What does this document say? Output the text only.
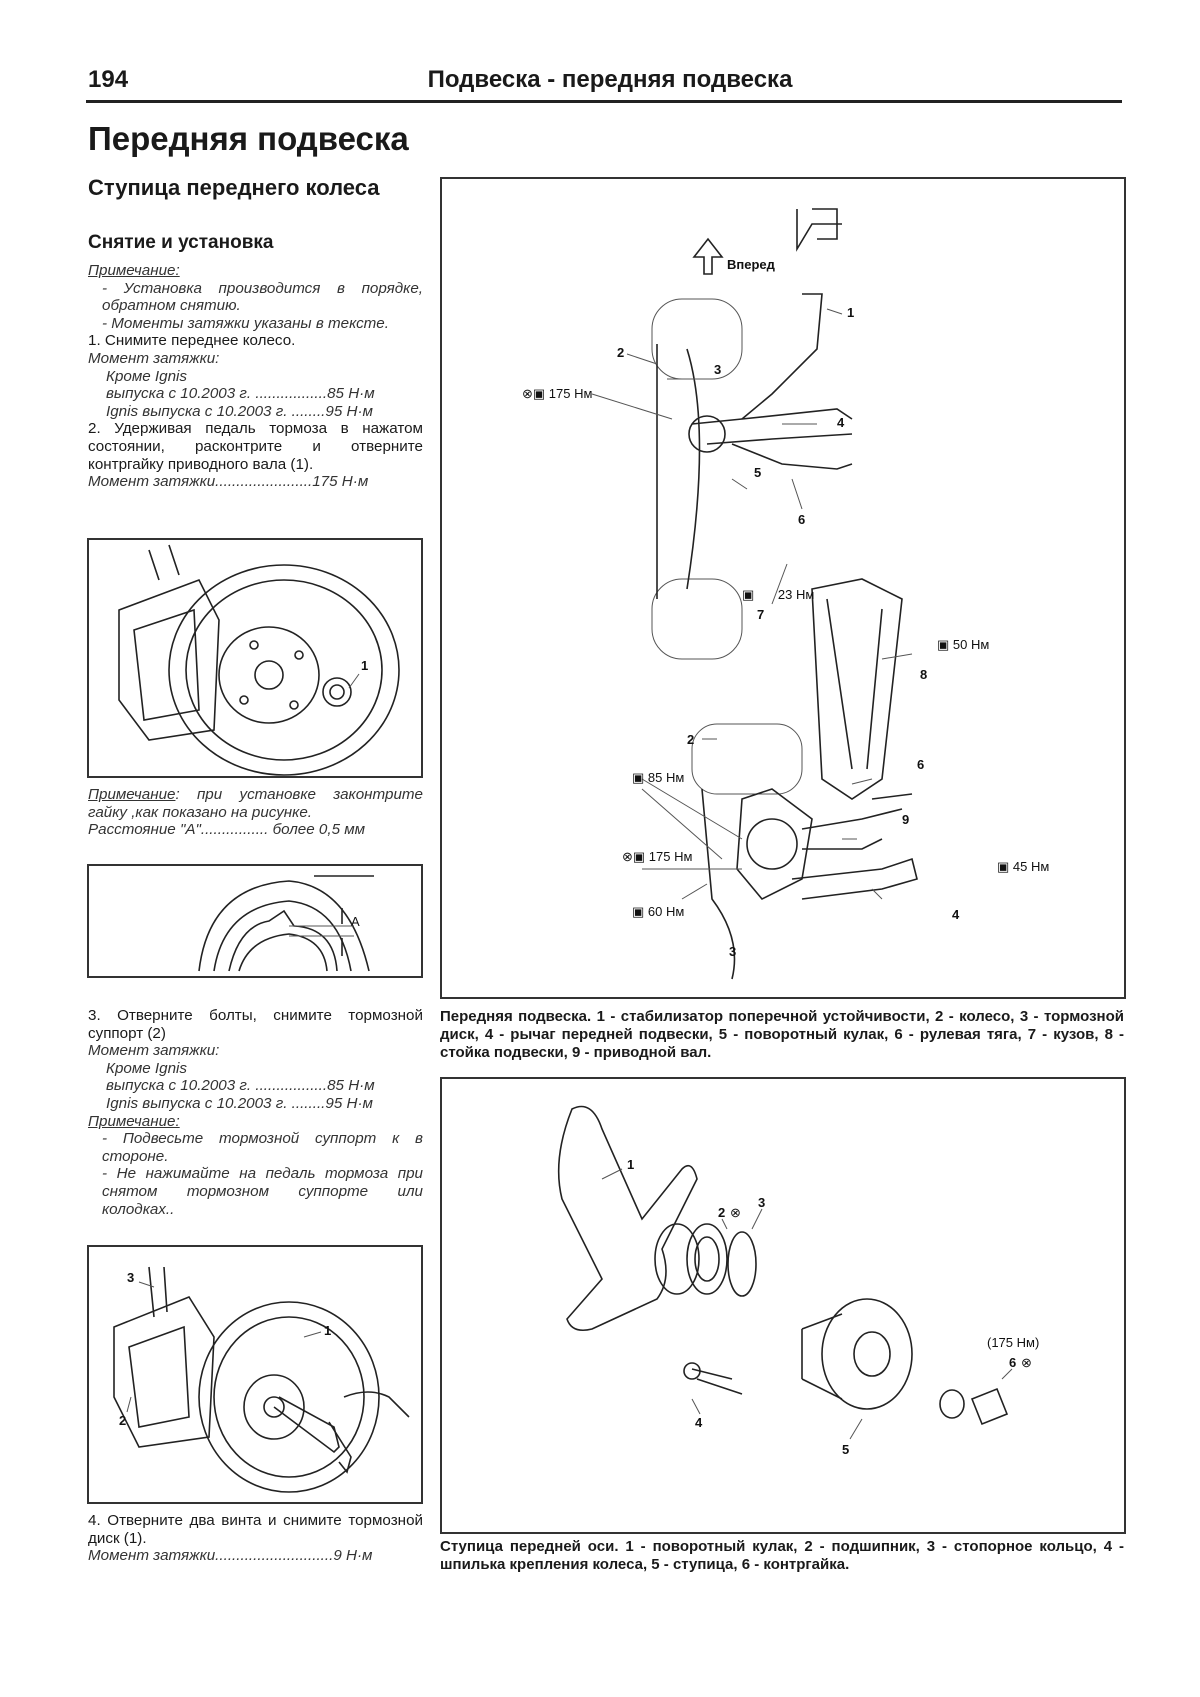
194	Подвеска - передняя подвеска
Передняя подвеска
Ступица переднего колеса
Снятие и установка

Примечание:

- Установка производится в порядке, обратном снятию.

- Моменты затяжки указаны в тексте.

1. Снимите переднее колесо.

Момент затяжки:

Кроме Ignis

выпуска с 10.2003 г. .................85 Н·м

Ignis выпуска с 10.2003 г. ........95 Н·м

2. Удерживая педаль тормоза в нажатом состоянии, расконтрите и отверните контргайку приводного вала (1).

Момент затяжки.......................175 Н·м

1

Примечание: при установке законтрите гайку ,как показано на рисунке.

Расстояние "А"................ более 0,5 мм

A

3. Отверните болты, снимите тормозной суппорт (2)

Момент затяжки:

Кроме Ignis

выпуска с 10.2003 г. .................85 Н·м

Ignis выпуска с 10.2003 г. ........95 Н·м

Примечание:

- Подвесьте тормозной суппорт к в стороне.

- Не нажимайте на педаль тормоза при снятом тормозном суппорте или колодках..

3
1
2

4. Отверните два винта и снимите тормозной диск (1).

Момент затяжки............................9 Н·м

Вперед
1
2
3
4
5
6
⊗▣ 175 Нм
7
8
2
6
9
4
3
▣ 23 Нм
▣ 50 Нм
▣ 85 Нм
⊗▣ 175 Нм
▣ 45 Нм
▣ 60 Нм
Передняя подвеска. 1 - стабилизатор поперечной устойчивости, 2 - колесо, 3 - тормозной диск, 4 - рычаг передней подвески, 5 - поворотный кулак, 6 - рулевая тяга, 7 - кузов, 8 - стойка подвески, 9 - приводной вал.
1
2 ⊗
3
4
5
(175 Нм)
6 ⊗
Ступица передней оси. 1 - поворотный кулак, 2 - подшипник, 3 - стопорное кольцо, 4 - шпилька крепления колеса, 5 - ступица, 6 - контргайка.
